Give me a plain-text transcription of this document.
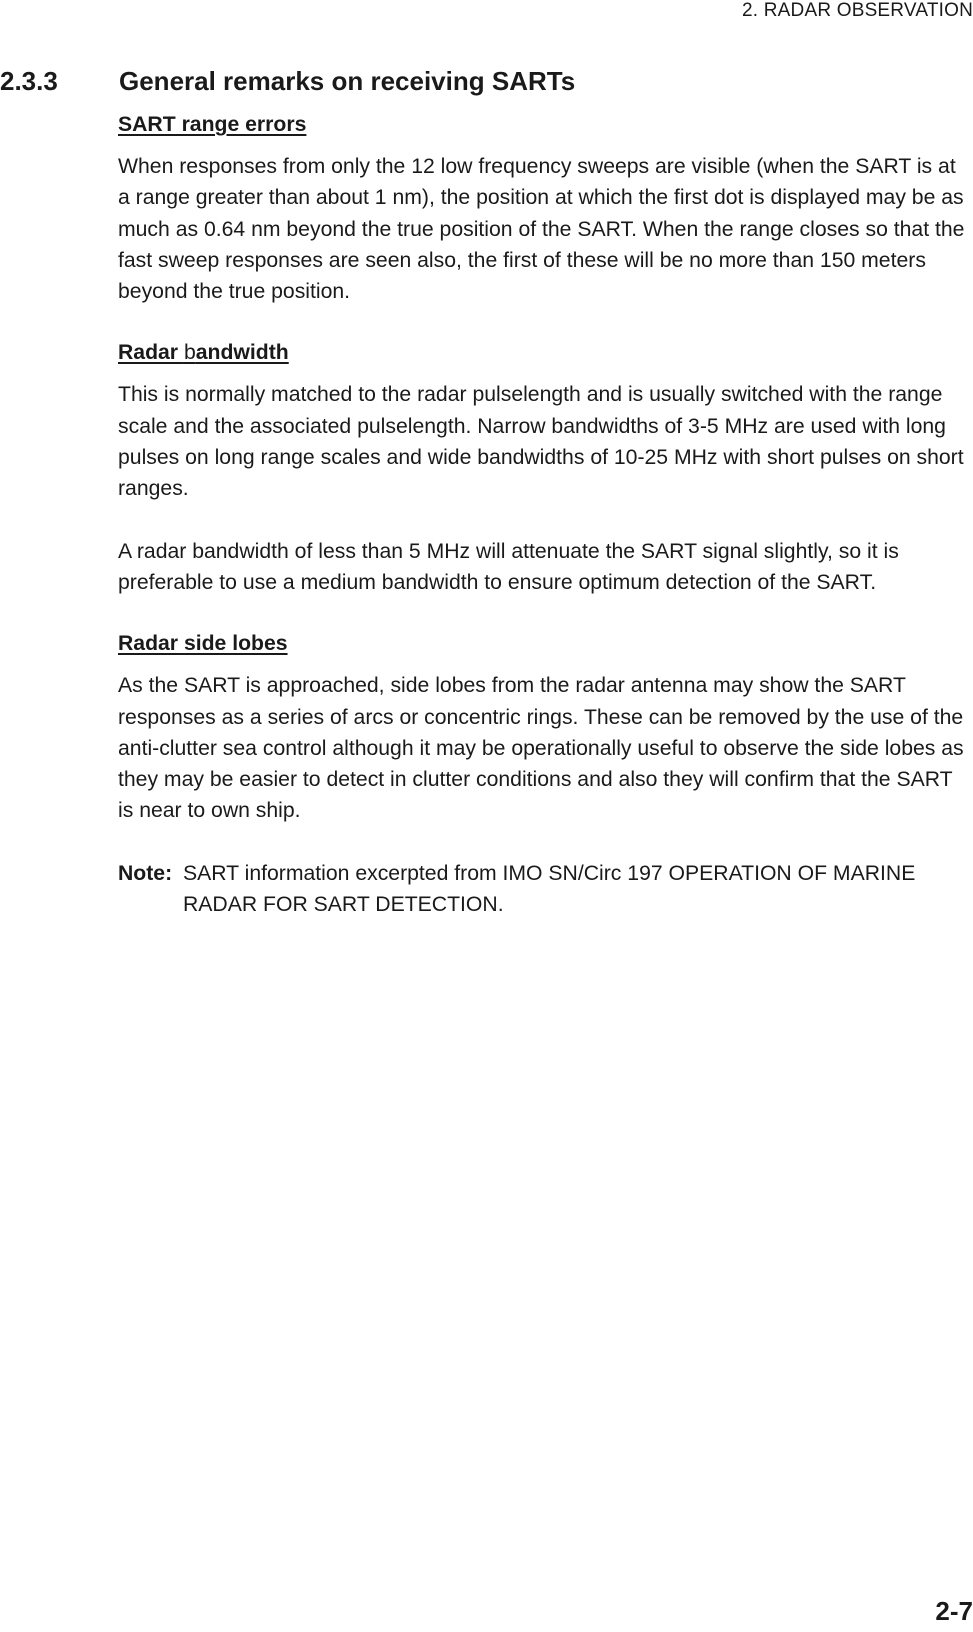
2. RADAR OBSERVATION
2.3.3 General remarks on receiving SARTs
SART range errors
When responses from only the 12 low frequency sweeps are visible (when the SART is at a range greater than about 1 nm), the position at which the first dot is displayed may be as much as 0.64 nm beyond the true position of the SART. When the range closes so that the fast sweep responses are seen also, the first of these will be no more than 150 meters beyond the true position.
Radar bandwidth
This is normally matched to the radar pulselength and is usually switched with the range scale and the associated pulselength. Narrow bandwidths of 3-5 MHz are used with long pulses on long range scales and wide bandwidths of 10-25 MHz with short pulses on short ranges.
A radar bandwidth of less than 5 MHz will attenuate the SART signal slightly, so it is preferable to use a medium bandwidth to ensure optimum detection of the SART.
Radar side lobes
As the SART is approached, side lobes from the radar antenna may show the SART responses as a series of arcs or concentric rings. These can be removed by the use of the anti-clutter sea control although it may be operationally useful to observe the side lobes as they may be easier to detect in clutter conditions and also they will confirm that the SART is near to own ship.
Note: SART information excerpted from IMO SN/Circ 197 OPERATION OF MARINE RADAR FOR SART DETECTION.
2-7
